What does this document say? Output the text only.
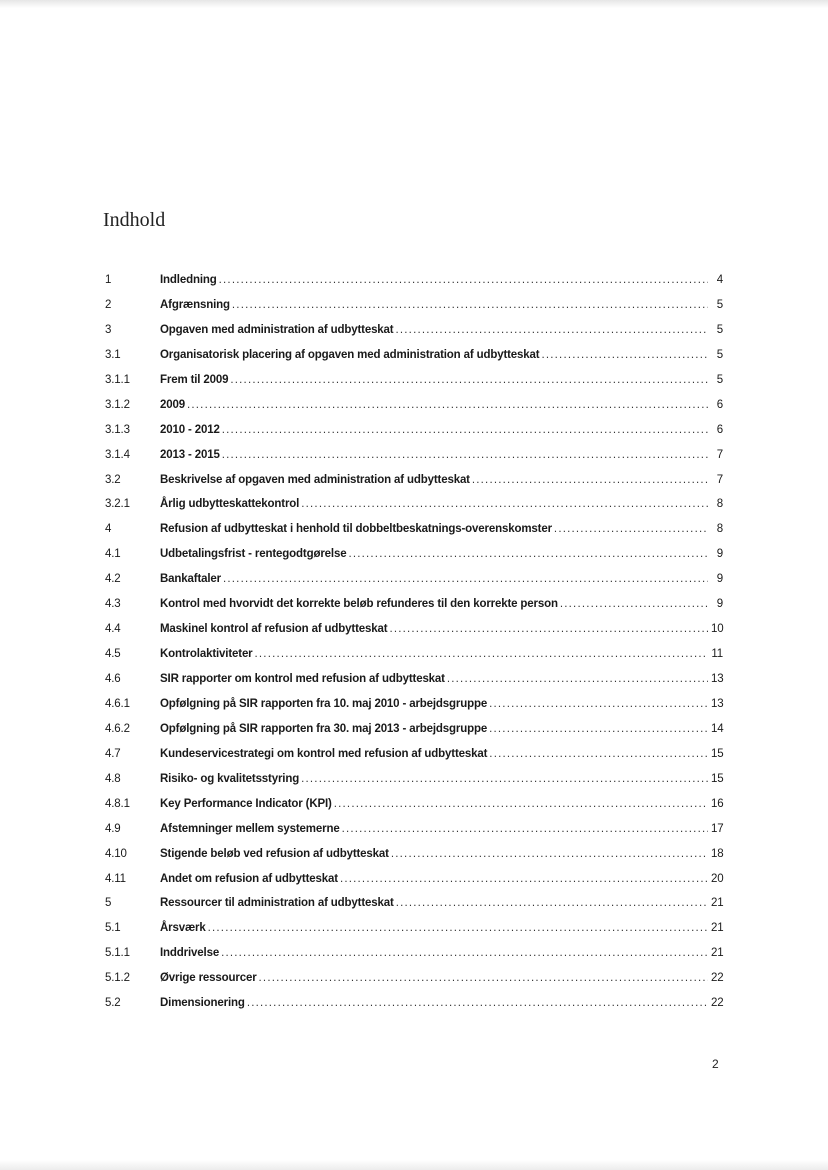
Indhold
1	Indledning .....	4
2	Afgrænsning .....	5
3	Opgaven med administration af udbytteskat .....	5
3.1	Organisatorisk placering af opgaven med administration af udbytteskat .....	5
3.1.1	Frem til 2009 .....	5
3.1.2	2009 .....	6
3.1.3	2010 - 2012 .....	6
3.1.4	2013 - 2015 .....	7
3.2	Beskrivelse af opgaven med administration af udbytteskat .....	7
3.2.1	Årlig udbytteskattekontrol .....	8
4	Refusion af udbytteskat i henhold til dobbeltbeskatnings-overenskomster .....	8
4.1	Udbetalingsfrist - rentegodtgørelse .....	9
4.2	Bankaftaler .....	9
4.3	Kontrol med hvorvidt det korrekte beløb refunderes til den korrekte person .....	9
4.4	Maskinel kontrol af refusion af udbytteskat .....	10
4.5	Kontrolaktiviteter .....	11
4.6	SIR rapporter om kontrol med refusion af udbytteskat .....	13
4.6.1	Opfølgning på SIR rapporten fra 10. maj 2010 - arbejdsgruppe .....	13
4.6.2	Opfølgning på SIR rapporten fra 30. maj 2013 - arbejdsgruppe .....	14
4.7	Kundeservicestrategi om kontrol med refusion af udbytteskat .....	15
4.8	Risiko- og kvalitetsstyring .....	15
4.8.1	Key Performance Indicator (KPI) .....	16
4.9	Afstemninger mellem systemerne .....	17
4.10	Stigende beløb ved refusion af udbytteskat .....	18
4.11	Andet om refusion af udbytteskat .....	20
5	Ressourcer til administration af udbytteskat .....	21
5.1	Årsværk .....	21
5.1.1	Inddrivelse .....	21
5.1.2	Øvrige ressourcer .....	22
5.2	Dimensionering .....	22
2
